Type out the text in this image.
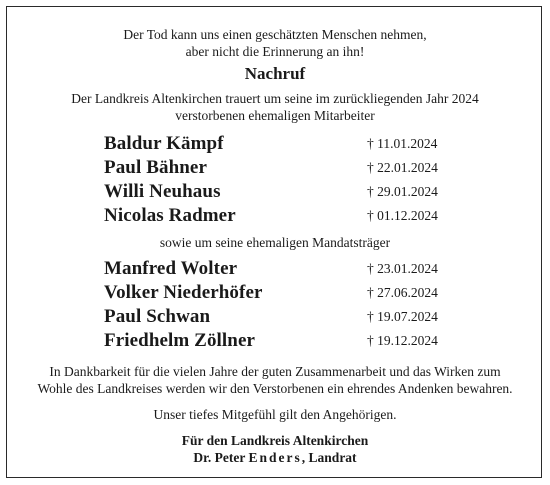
Der Tod kann uns einen geschätzten Menschen nehmen,
aber nicht die Erinnerung an ihn!
Nachruf
Der Landkreis Altenkirchen trauert um seine im zurückliegenden Jahr 2024
verstorbenen ehemaligen Mitarbeiter
Baldur Kämpf	† 11.01.2024
Paul Bähner	† 22.01.2024
Willi Neuhaus	† 29.01.2024
Nicolas Radmer	† 01.12.2024
sowie um seine ehemaligen Mandatsträger
Manfred Wolter	† 23.01.2024
Volker Niederhöfer	† 27.06.2024
Paul Schwan	† 19.07.2024
Friedhelm Zöllner	† 19.12.2024
In Dankbarkeit für die vielen Jahre der guten Zusammenarbeit und das Wirken zum
Wohle des Landkreises werden wir den Verstorbenen ein ehrendes Andenken bewahren.
Unser tiefes Mitgefühl gilt den Angehörigen.
Für den Landkreis Altenkirchen
Dr. Peter Enders, Landrat
